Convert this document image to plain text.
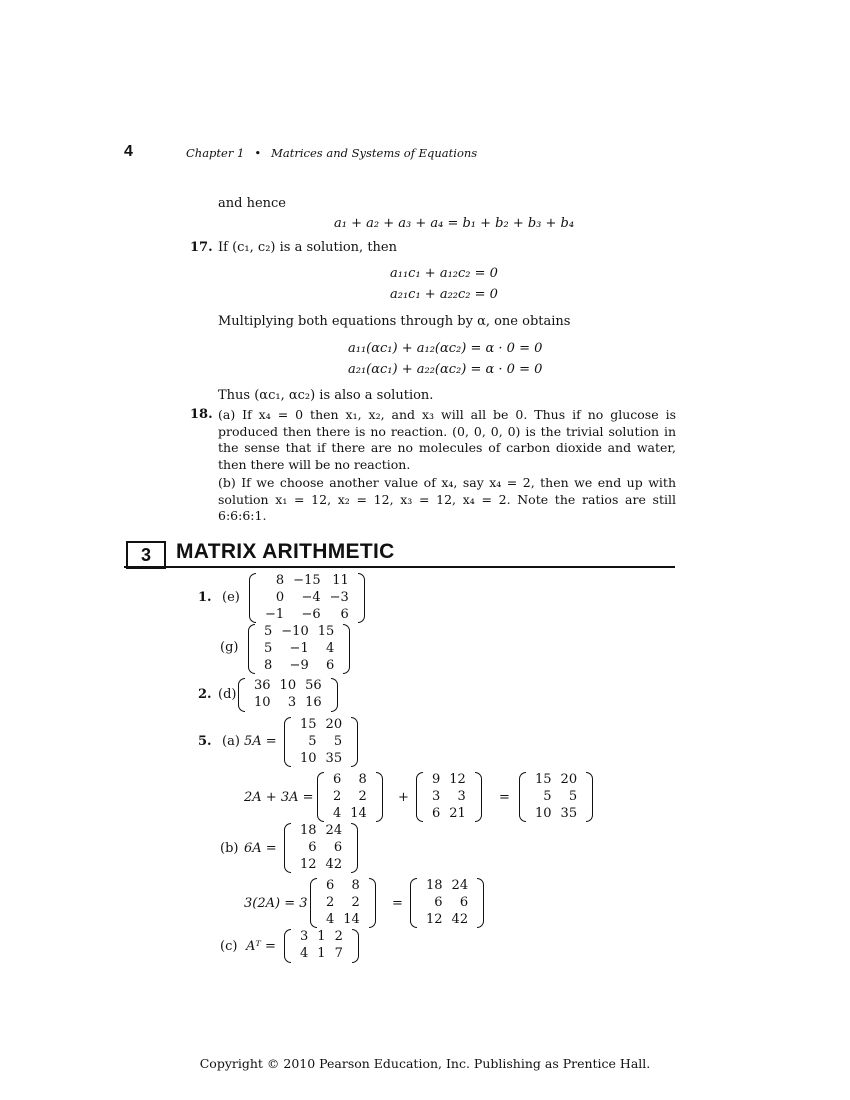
4	Chapter 1 • Matrices and Systems of Equations
and hence
a₁ + a₂ + a₃ + a₄ = b₁ + b₂ + b₃ + b₄
17. If (c₁, c₂) is a solution, then
a₁₁c₁ + a₁₂c₂ = 0
a₂₁c₁ + a₂₂c₂ = 0
Multiplying both equations through by α, one obtains
a₁₁(αc₁) + a₁₂(αc₂) = α · 0 = 0
a₂₁(αc₁) + a₂₂(αc₂) = α · 0 = 0
Thus (αc₁, αc₂) is also a solution.
18. (a) If x₄ = 0 then x₁, x₂, and x₃ will all be 0. Thus if no glucose is produced then there is no reaction. (0, 0, 0, 0) is the trivial solution in the sense that if there are no molecules of carbon dioxide and water, then there will be no reaction.
(b) If we choose another value of x₄, say x₄ = 2, then we end up with solution x₁ = 12, x₂ = 12, x₃ = 12, x₄ = 2. Note the ratios are still 6:6:6:1.
3	MATRIX ARITHMETIC
1. (e)
8	−15	11
0	−4	−3
−1	−6	6
(g)
5	−10	15
5	−1	4
8	−9	6
2. (d)
36	10	56
10	3	16
5. (a) 5A =
15	20
5	5
10	35
2A + 3A =
6	8
2	2
4	14
+
9	12
3	3
6	21
=
15	20
5	5
10	35
(b) 6A =
18	24
6	6
12	42
3(2A) = 3
6	8
2	2
4	14
=
18	24
6	6
12	42
(c) Aᵀ =
3	1	2
4	1	7
Copyright © 2010 Pearson Education, Inc. Publishing as Prentice Hall.
